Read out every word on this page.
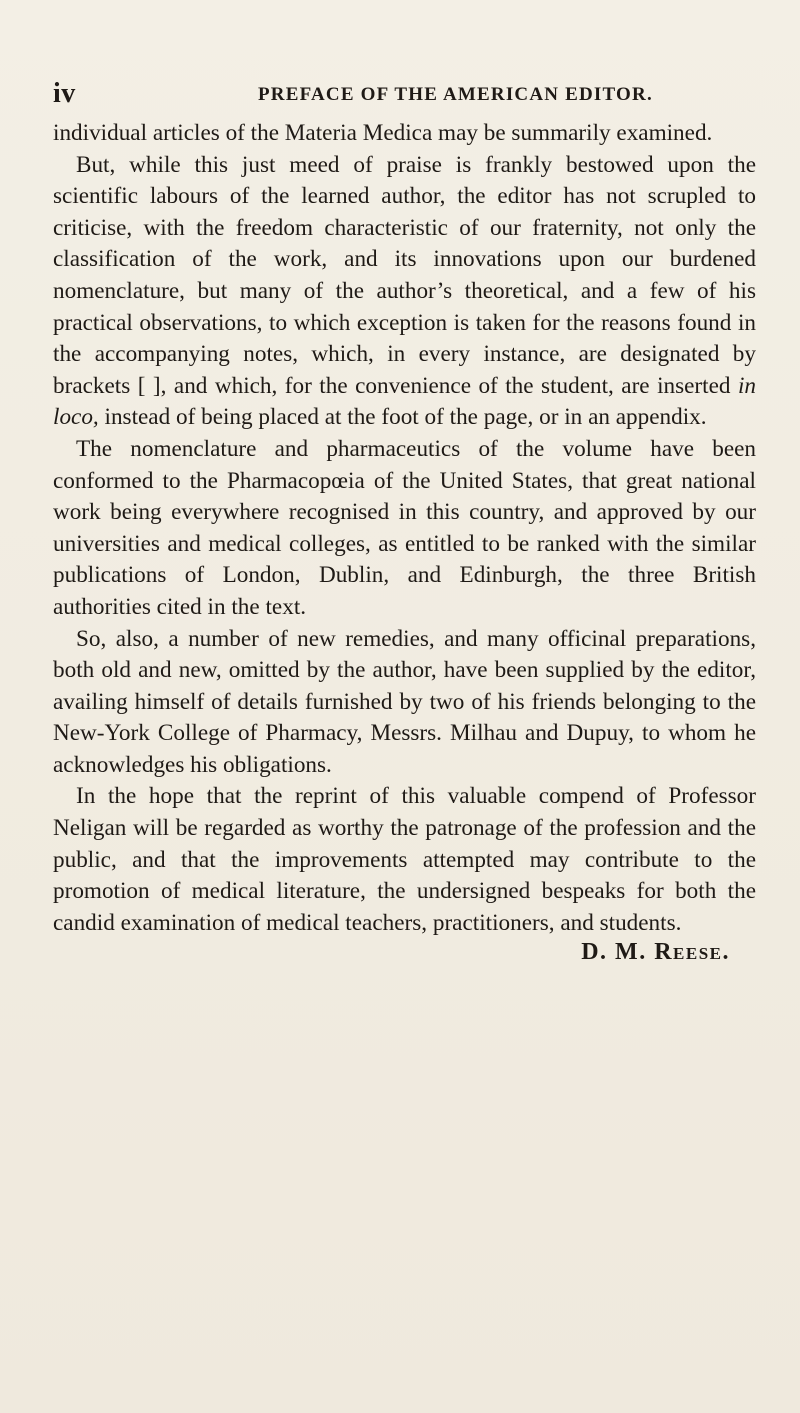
iv	PREFACE OF THE AMERICAN EDITOR.

individual articles of the Materia Medica may be summarily examined.

But, while this just meed of praise is frankly bestowed upon the scientific labours of the learned author, the editor has not scrupled to criticise, with the freedom characteristic of our fraternity, not only the classification of the work, and its innovations upon our burdened nomenclature, but many of the author’s theoretical, and a few of his practical observations, to which exception is taken for the reasons found in the accompanying notes, which, in every instance, are designated by brackets [ ], and which, for the convenience of the student, are inserted in loco, instead of being placed at the foot of the page, or in an appendix.

The nomenclature and pharmaceutics of the volume have been conformed to the Pharmacopœia of the United States, that great national work being everywhere recognised in this country, and approved by our universities and medical colleges, as entitled to be ranked with the similar publications of London, Dublin, and Edinburgh, the three British authorities cited in the text.

So, also, a number of new remedies, and many officinal preparations, both old and new, omitted by the author, have been supplied by the editor, availing himself of details furnished by two of his friends belonging to the New-York College of Pharmacy, Messrs. Milhau and Dupuy, to whom he acknowledges his obligations.

In the hope that the reprint of this valuable compend of Professor Neligan will be regarded as worthy the patronage of the profession and the public, and that the improvements attempted may contribute to the promotion of medical literature, the undersigned bespeaks for both the candid examination of medical teachers, practitioners, and students.

D. M. Reese.
